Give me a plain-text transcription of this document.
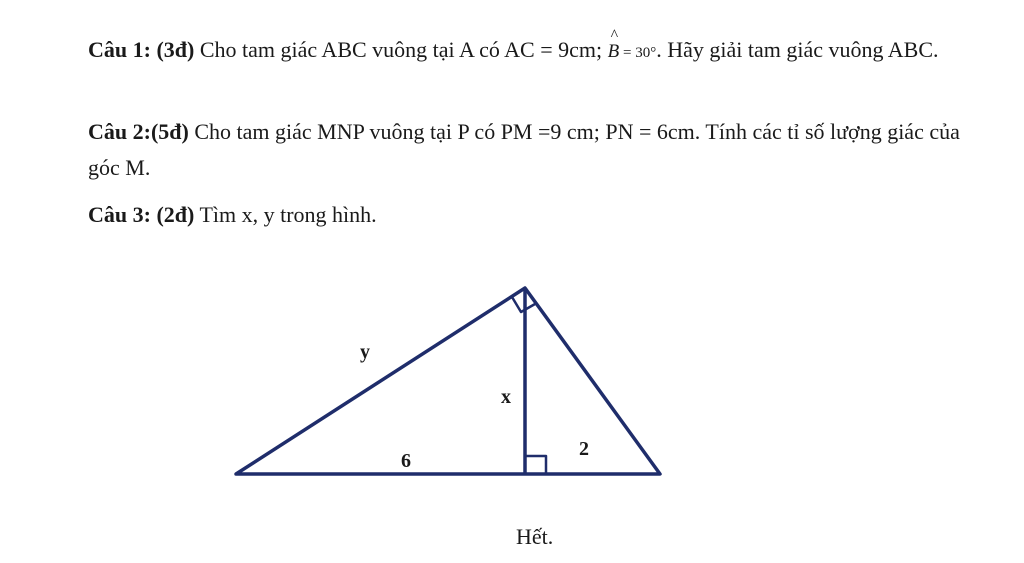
Câu 1: (3đ) Cho tam giác ABC vuông tại A có AC = 9cm;
^
B = 30°. Hãy giải tam giác vuông ABC.
Câu 2:(5đ) Cho tam giác MNP vuông tại P có PM =9 cm; PN = 6cm. Tính các tỉ số lượng giác của góc M.
Câu 3: (2đ) Tìm x, y trong hình.
y
x
6
2
Hết.
